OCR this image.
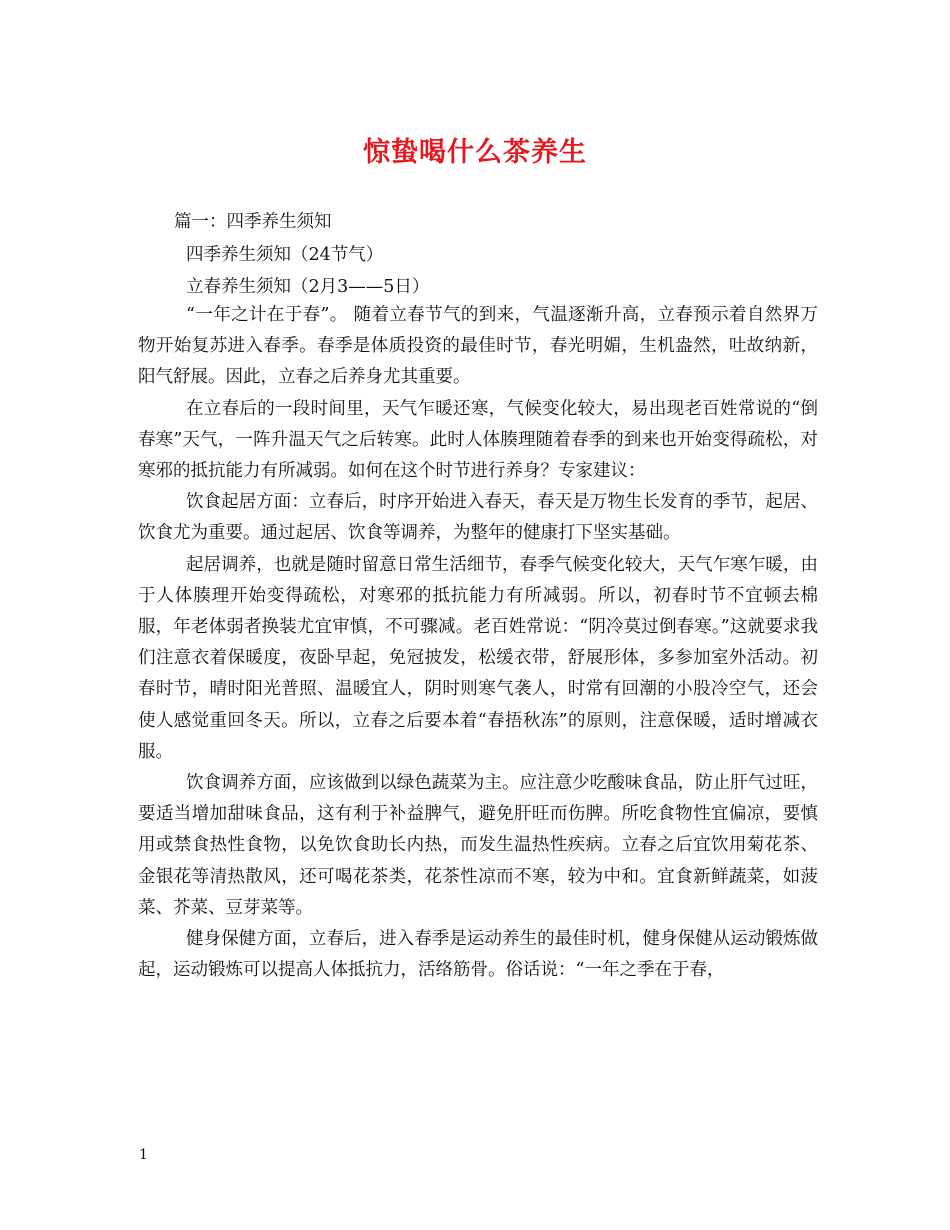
惊蛰喝什么茶养生
篇一：四季养生须知
四季养生须知（24节气）
立春养生须知（2月3——5日）

“一年之计在于春”。 随着立春节气的到来，气温逐渐升高，立春预示着自然界万物开始复苏进入春季。春季是体质投资的最佳时节，春光明媚，生机盎然，吐故纳新，阳气舒展。因此，立春之后养身尤其重要。

在立春后的一段时间里，天气乍暖还寒，气候变化较大，易出现老百姓常说的“倒春寒”天气，一阵升温天气之后转寒。此时人体腠理随着春季的到来也开始变得疏松，对寒邪的抵抗能力有所减弱。如何在这个时节进行养身？专家建议：

饮食起居方面：立春后，时序开始进入春天，春天是万物生长发育的季节，起居、饮食尤为重要。通过起居、饮食等调养，为整年的健康打下坚实基础。

起居调养，也就是随时留意日常生活细节，春季气候变化较大，天气乍寒乍暖，由于人体腠理开始变得疏松，对寒邪的抵抗能力有所减弱。所以，初春时节不宜顿去棉服，年老体弱者换装尤宜审慎，不可骤减。老百姓常说：“阴冷莫过倒春寒。”这就要求我们注意衣着保暖度，夜卧早起，免冠披发，松缓衣带，舒展形体，多参加室外活动。初春时节，晴时阳光普照、温暖宜人，阴时则寒气袭人，时常有回潮的小股冷空气，还会使人感觉重回冬天。所以，立春之后要本着“春捂秋冻”的原则，注意保暖，适时增减衣服。

饮食调养方面，应该做到以绿色蔬菜为主。应注意少吃酸味食品，防止肝气过旺，要适当增加甜味食品，这有利于补益脾气，避免肝旺而伤脾。所吃食物性宜偏凉，要慎用或禁食热性食物，以免饮食助长内热，而发生温热性疾病。立春之后宜饮用菊花茶、金银花等清热散风，还可喝花茶类，花茶性凉而不寒，较为中和。宜食新鲜蔬菜，如菠菜、芥菜、豆芽菜等。

健身保健方面，立春后，进入春季是运动养生的最佳时机，健身保健从运动锻炼做起，运动锻炼可以提高人体抵抗力，活络筋骨。俗话说：“一年之季在于春，

1
